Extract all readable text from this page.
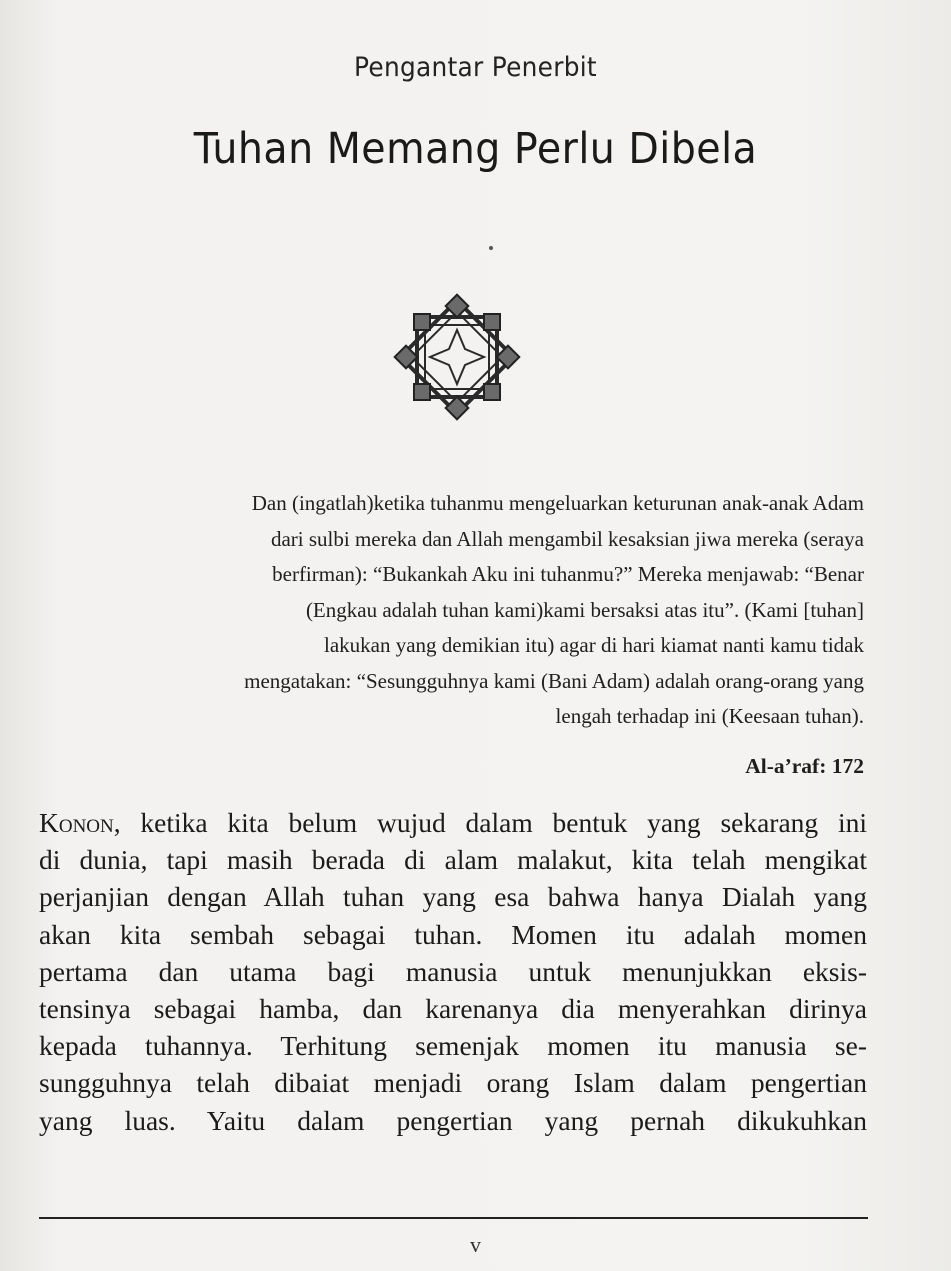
Pengantar Penerbit
Tuhan Memang Perlu Dibela
Dan (ingatlah)ketika tuhanmu mengeluarkan keturunan anak-anak Adam
dari sulbi mereka dan Allah mengambil kesaksian jiwa mereka (seraya
berfirman): “Bukankah Aku ini tuhanmu?” Mereka menjawab: “Benar
(Engkau adalah tuhan kami)kami bersaksi atas itu”. (Kami [tuhan]
lakukan yang demikian itu) agar di hari kiamat nanti kamu tidak
mengatakan: “Sesungguhnya kami (Bani Adam) adalah orang-orang yang
lengah terhadap ini (Keesaan tuhan).
Al-a’raf: 172
Konon, ketika kita belum wujud dalam bentuk yang sekarang ini
di dunia, tapi masih berada di alam malakut, kita telah mengikat
perjanjian dengan Allah tuhan yang esa bahwa hanya Dialah yang
akan kita sembah sebagai tuhan. Momen itu adalah momen
pertama dan utama bagi manusia untuk menunjukkan eksis-
tensinya sebagai hamba, dan karenanya dia menyerahkan dirinya
kepada tuhannya. Terhitung semenjak momen itu manusia se-
sungguhnya telah dibaiat menjadi orang Islam dalam pengertian
yang luas. Yaitu dalam pengertian yang pernah dikukuhkan
v
